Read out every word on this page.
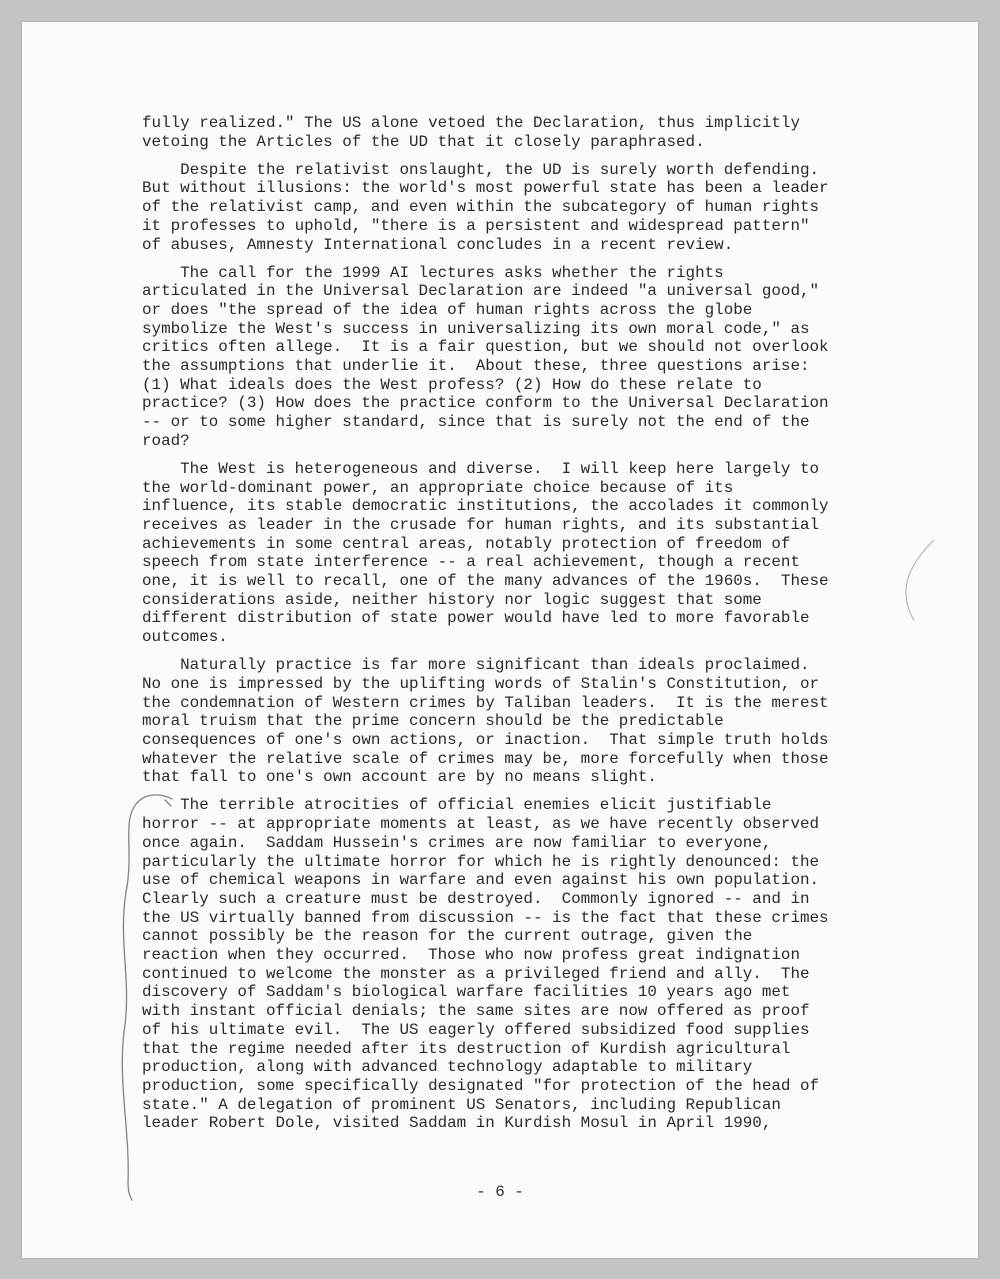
fully realized." The US alone vetoed the Declaration, thus implicitly
vetoing the Articles of the UD that it closely paraphrased.
Despite the relativist onslaught, the UD is surely worth defending.
But without illusions: the world's most powerful state has been a leader
of the relativist camp, and even within the subcategory of human rights
it professes to uphold, "there is a persistent and widespread pattern"
of abuses, Amnesty International concludes in a recent review.
The call for the 1999 AI lectures asks whether the rights
articulated in the Universal Declaration are indeed "a universal good,"
or does "the spread of the idea of human rights across the globe
symbolize the West's success in universalizing its own moral code," as
critics often allege.  It is a fair question, but we should not overlook
the assumptions that underlie it.  About these, three questions arise:
(1) What ideals does the West profess? (2) How do these relate to
practice? (3) How does the practice conform to the Universal Declaration
-- or to some higher standard, since that is surely not the end of the
road?
The West is heterogeneous and diverse.  I will keep here largely to
the world-dominant power, an appropriate choice because of its
influence, its stable democratic institutions, the accolades it commonly
receives as leader in the crusade for human rights, and its substantial
achievements in some central areas, notably protection of freedom of
speech from state interference -- a real achievement, though a recent
one, it is well to recall, one of the many advances of the 1960s.  These
considerations aside, neither history nor logic suggest that some
different distribution of state power would have led to more favorable
outcomes.
Naturally practice is far more significant than ideals proclaimed.
No one is impressed by the uplifting words of Stalin's Constitution, or
the condemnation of Western crimes by Taliban leaders.  It is the merest
moral truism that the prime concern should be the predictable
consequences of one's own actions, or inaction.  That simple truth holds
whatever the relative scale of crimes may be, more forcefully when those
that fall to one's own account are by no means slight.
The terrible atrocities of official enemies elicit justifiable
horror -- at appropriate moments at least, as we have recently observed
once again.  Saddam Hussein's crimes are now familiar to everyone,
particularly the ultimate horror for which he is rightly denounced: the
use of chemical weapons in warfare and even against his own population.
Clearly such a creature must be destroyed.  Commonly ignored -- and in
the US virtually banned from discussion -- is the fact that these crimes
cannot possibly be the reason for the current outrage, given the
reaction when they occurred.  Those who now profess great indignation
continued to welcome the monster as a privileged friend and ally.  The
discovery of Saddam's biological warfare facilities 10 years ago met
with instant official denials; the same sites are now offered as proof
of his ultimate evil.  The US eagerly offered subsidized food supplies
that the regime needed after its destruction of Kurdish agricultural
production, along with advanced technology adaptable to military
production, some specifically designated "for protection of the head of
state." A delegation of prominent US Senators, including Republican
leader Robert Dole, visited Saddam in Kurdish Mosul in April 1990,
- 6 -
